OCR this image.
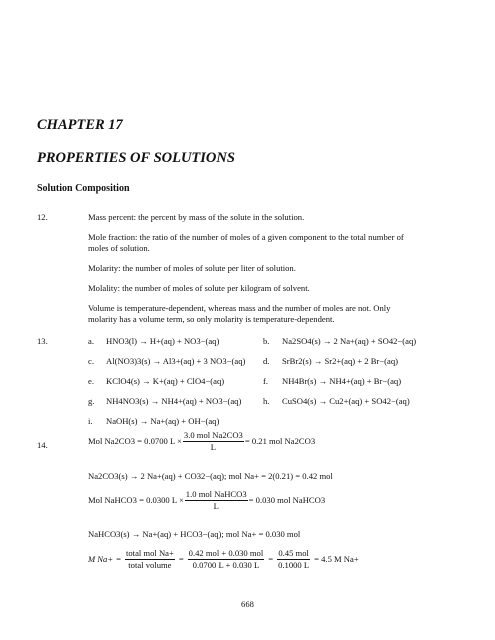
CHAPTER 17
PROPERTIES OF SOLUTIONS
Solution Composition
12.	Mass percent: the percent by mass of the solute in the solution.
Mole fraction: the ratio of the number of moles of a given component to the total number of
moles of solution.
Molarity: the number of moles of solute per liter of solution.
Molality: the number of moles of solute per kilogram of solvent.
Volume is temperature-dependent, whereas mass and the number of moles are not. Only
molarity has a volume term, so only molarity is temperature-dependent.
13.	a. HNO3(l) → H+(aq) + NO3−(aq)	b. Na2SO4(s) → 2 Na+(aq) + SO42−(aq)
c. Al(NO3)3(s) → Al3+(aq) + 3 NO3−(aq) d. SrBr2(s) → Sr2+(aq) + 2 Br−(aq)
e. KClO4(s) → K+(aq) + ClO4−(aq)	f. NH4Br(s) → NH4+(aq) + Br−(aq)
g. NH4NO3(s) → NH4+(aq) + NO3−(aq)	h. CuSO4(s) → Cu2+(aq) + SO42−(aq)
i. NaOH(s) → Na+(aq) + OH−(aq)
14.	Mol Na2CO3 = 0.0700 $L \times \frac{\text{3.0 mol Na2CO3}}{L} = 0.21$ mol Na2CO3
Na2CO3(s) → 2 Na+(aq) + CO32−(aq); mol Na+ = 2(0.21) = 0.42 mol
Mol NaHCO3 = 0.0300 $L \times \frac{\text{1.0 mol NaHCO3}}{L} = 0.030$ mol NaHCO3
NaHCO3(s) → Na+(aq) + HCO3−(aq); mol Na+ = 0.030 mol
M $Na+ = \frac{\text{total mol Na+}}{\text{total volume}} = \frac{\text{0.42 mol + 0.030 mol}}{0.0700 L + 0.030 L} = \frac{\text{0.45 mol}}{0.1000 L} = 4.5$ M Na+
668
